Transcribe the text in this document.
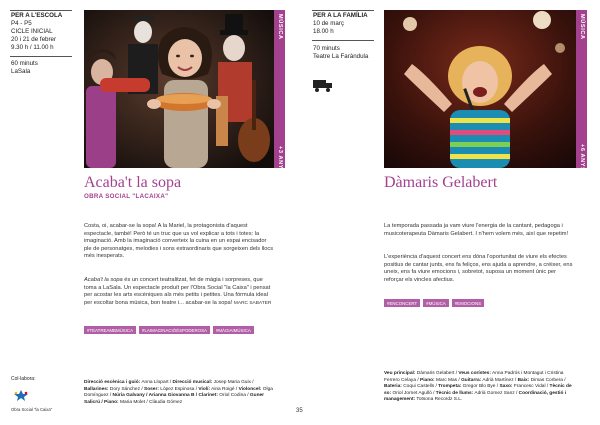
PER A L'ESCOLA
P4 - P5
CICLE INICIAL
20 i 21 de febrer
9.30 h / 11.00 h
60 minuts
LaSala
MÚSICA
+3 ANYS
Acaba't la sopa
OBRA SOCIAL "LACAIXA"
Costa, oi, acabar-se la sopa! A la Mariel, la protagonista d'aquest espectacle, també! Però té un truc que us vol explicar a tots i totes: la imaginació. Amb la imaginació converteix la cuina en un espai encisador ple de personatges, melodies i sons extraordinaris que sorgeixen dels llocs més inesperats.
Acaba't la sopa és un concert teatralitzat, fet de màgia i sorpreses, que toma a LaSala. Un espectacle produït per l'Obra Social "la Caixa" i pensat per acostar les arts escèniques als més petits i petites. Una fórmula ideal per escoltar bona música, bon teatre i... acabar-se la sopa! MARC SABATER
#TEATREAMBMÚSICA	#LAIMAGINACIÓÉSPODEROSA	#MÀGIAIMÚSICA
Col·labora:
Obra Social "la Caixa"
Direcció escènica i guió: Anna Llopart / Direcció musical: Josep Maria Guix / Ballarines: Dory Sánchez / Soser: López Espinosa / Violí: Aina Roigé / Violoncel: Olga Domínguez / Núria Galvany / Arianna Giovanna B / Clarinet: Oriol Codina / Guner Salicrú / Piano: Maria Molet / Clàudia Gómez
35
PER A LA FAMÍLIA
10 de març
18.00 h
70 minuts
Teatre La Faràndula
MÚSICA
+6 ANYS
Dàmaris Gelabert
La temporada passada ja vam viure l'energia de la cantant, pedagoga i musicoterapeuta Dàmaris Gelabert. I n'hem volem més, així que repetim!
L'experiència d'aquest concert ens dóna l'oportunitat de viure els efectes positius de cantar junts, ens fa feliços, ens ajuda a aprendre, a créixer, ens uneix, ens fa viure emocions i, sobretot, suposa un moment únic per reforçar els vincles afectius.
#ENCONCERT	#MÚSICA	#EMOCIONS
Veu principal: Dàmaris Gelabert / Veus corístes: Anna Padrós i Montagut i Cristina Ferrero Celaya / Piano: Marc Mas / Guitarra: Adrià Martínez / Baix: Dimas Corbera / Bateria: Coqui Castells / Trompeta: Gregor Blo Bye / Saxo: Francesc Vidal / Tècnic de so: Oriol Jornet Agulló / Tècnic de llums: Adrià Gomez Sanz / Coordinació, gestió i management: Totsona Recordz S.L.
